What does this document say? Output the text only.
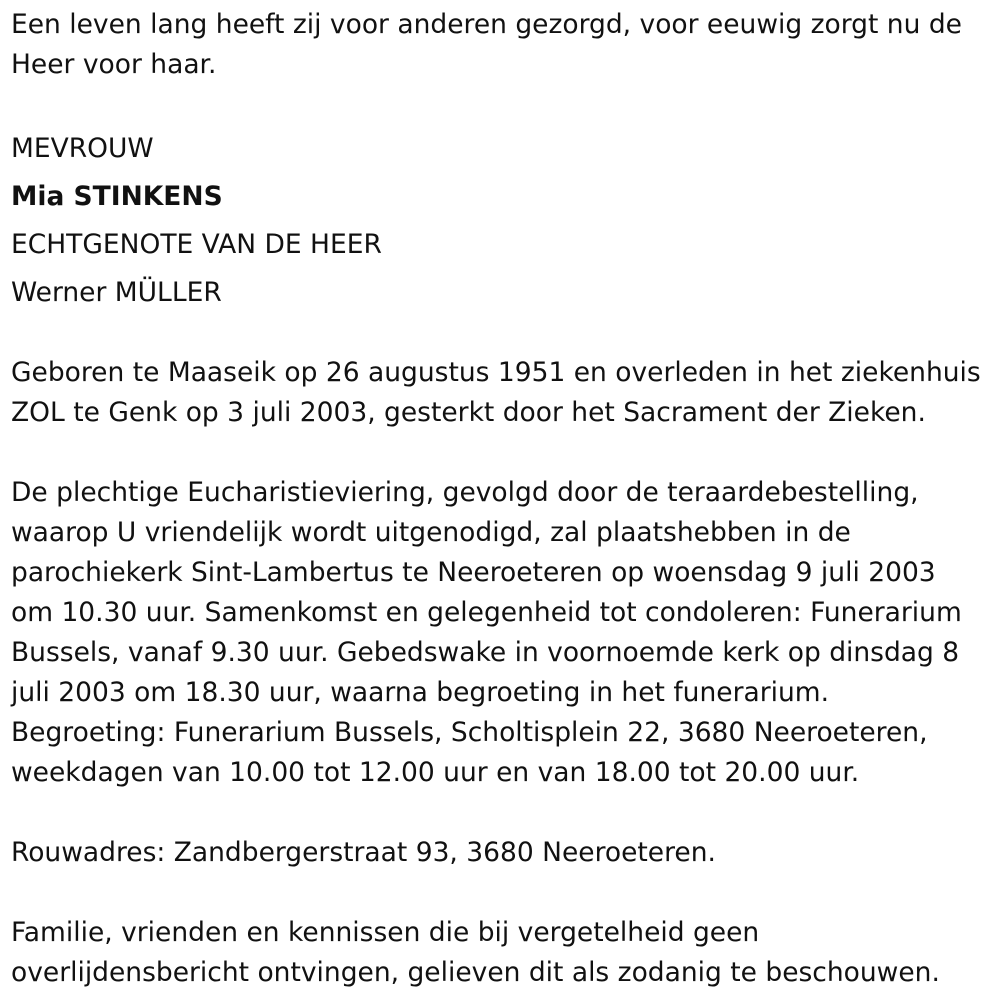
Een leven lang heeft zij voor anderen gezorgd, voor eeuwig zorgt nu de

Heer voor haar.

MEVROUW

Mia STINKENS

ECHTGENOTE VAN DE HEER

Werner MÜLLER

Geboren te Maaseik op 26 augustus 1951 en overleden in het ziekenhuis

ZOL te Genk op 3 juli 2003, gesterkt door het Sacrament der Zieken.

De plechtige Eucharistieviering, gevolgd door de teraardebestelling,

waarop U vriendelijk wordt uitgenodigd, zal plaatshebben in de

parochiekerk Sint-Lambertus te Neeroeteren op woensdag 9 juli 2003

om 10.30 uur. Samenkomst en gelegenheid tot condoleren: Funerarium

Bussels, vanaf 9.30 uur. Gebedswake in voornoemde kerk op dinsdag 8

juli 2003 om 18.30 uur, waarna begroeting in het funerarium.

Begroeting: Funerarium Bussels, Scholtisplein 22, 3680 Neeroeteren,

weekdagen van 10.00 tot 12.00 uur en van 18.00 tot 20.00 uur.

Rouwadres: Zandbergerstraat 93, 3680 Neeroeteren.

Familie, vrienden en kennissen die bij vergetelheid geen

overlijdensbericht ontvingen, gelieven dit als zodanig te beschouwen.
